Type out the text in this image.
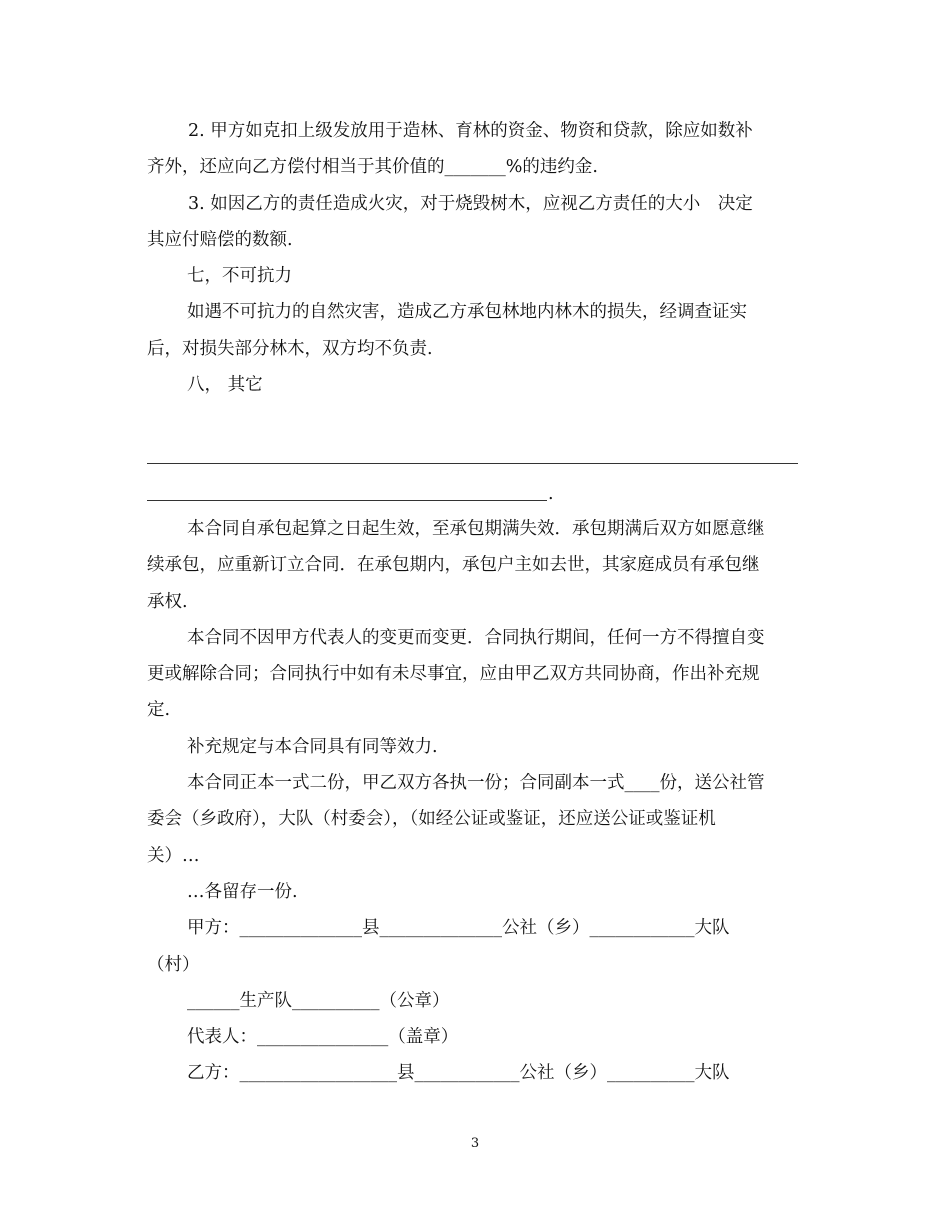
2. 甲方如克扣上级发放用于造林、育林的资金、物资和贷款，除应如数补

齐外，还应向乙方偿付相当于其价值的_______%的违约金.

3. 如因乙方的责任造成火灾，对于烧毁树木，应视乙方责任的大小　决定

其应付赔偿的数额.

七，不可抗力

如遇不可抗力的自然灾害，造成乙方承包林地内林木的损失，经调查证实

后，对损失部分林木，双方均不负责.

八， 其它

.

本合同自承包起算之日起生效，至承包期满失效．承包期满后双方如愿意继

续承包，应重新订立合同．在承包期内，承包户主如去世，其家庭成员有承包继

承权.

本合同不因甲方代表人的变更而变更．合同执行期间，任何一方不得擅自变

更或解除合同；合同执行中如有未尽事宜，应由甲乙双方共同协商，作出补充规

定.

补充规定与本合同具有同等效力.

本合同正本一式二份，甲乙双方各执一份；合同副本一式____份，送公社管

委会（乡政府），大队（村委会），（如经公证或鉴证，还应送公证或鉴证机

关）…

…各留存一份.

甲方：______________县______________公社（乡）____________大队

（村）

______生产队__________（公章）

代表人：_______________（盖章）

乙方：__________________县____________公社（乡）__________大队

3
